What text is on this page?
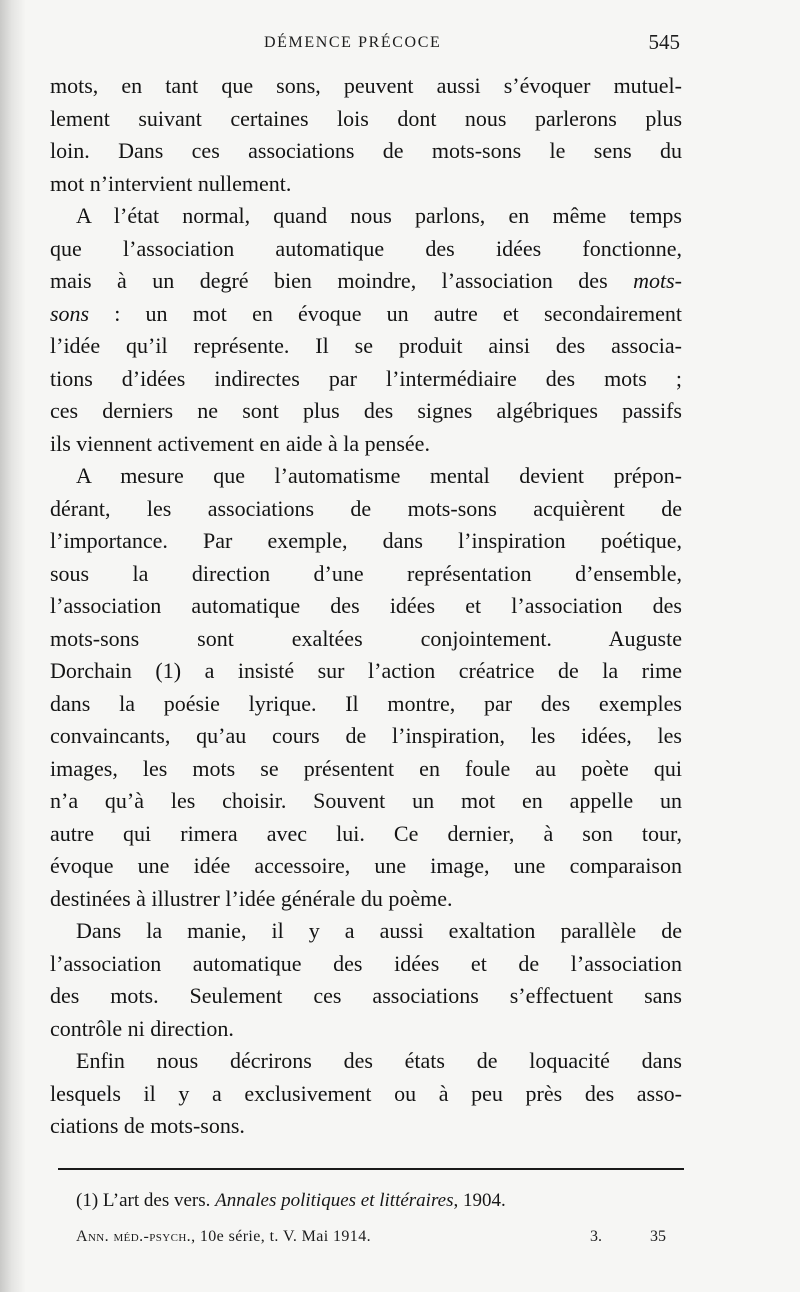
DÉMENCE PRÉCOCE	545
mots, en tant que sons, peuvent aussi s’évoquer mutuel-
lement suivant certaines lois dont nous parlerons plus
loin. Dans ces associations de mots-sons le sens du
mot n’intervient nullement.
A l’état normal, quand nous parlons, en même temps
que l’association automatique des idées fonctionne,
mais à un degré bien moindre, l’association des mots-
sons : un mot en évoque un autre et secondairement
l’idée qu’il représente. Il se produit ainsi des associa-
tions d’idées indirectes par l’intermédiaire des mots ;
ces derniers ne sont plus des signes algébriques passifs
ils viennent activement en aide à la pensée.
A mesure que l’automatisme mental devient prépon-
dérant, les associations de mots-sons acquièrent de
l’importance. Par exemple, dans l’inspiration poétique,
sous la direction d’une représentation d’ensemble,
l’association automatique des idées et l’association des
mots-sons sont exaltées conjointement. Auguste
Dorchain (1) a insisté sur l’action créatrice de la rime
dans la poésie lyrique. Il montre, par des exemples
convaincants, qu’au cours de l’inspiration, les idées, les
images, les mots se présentent en foule au poète qui
n’a qu’à les choisir. Souvent un mot en appelle un
autre qui rimera avec lui. Ce dernier, à son tour,
évoque une idée accessoire, une image, une comparaison
destinées à illustrer l’idée générale du poème.
Dans la manie, il y a aussi exaltation parallèle de
l’association automatique des idées et de l’association
des mots. Seulement ces associations s’effectuent sans
contrôle ni direction.
Enfin nous décrirons des états de loquacité dans
lesquels il y a exclusivement ou à peu près des asso-
ciations de mots-sons.
(1) L’art des vers. Annales politiques et littéraires, 1904.
Ann. méd.-psych., 10e série, t. V. Mai 1914.	3.	35
